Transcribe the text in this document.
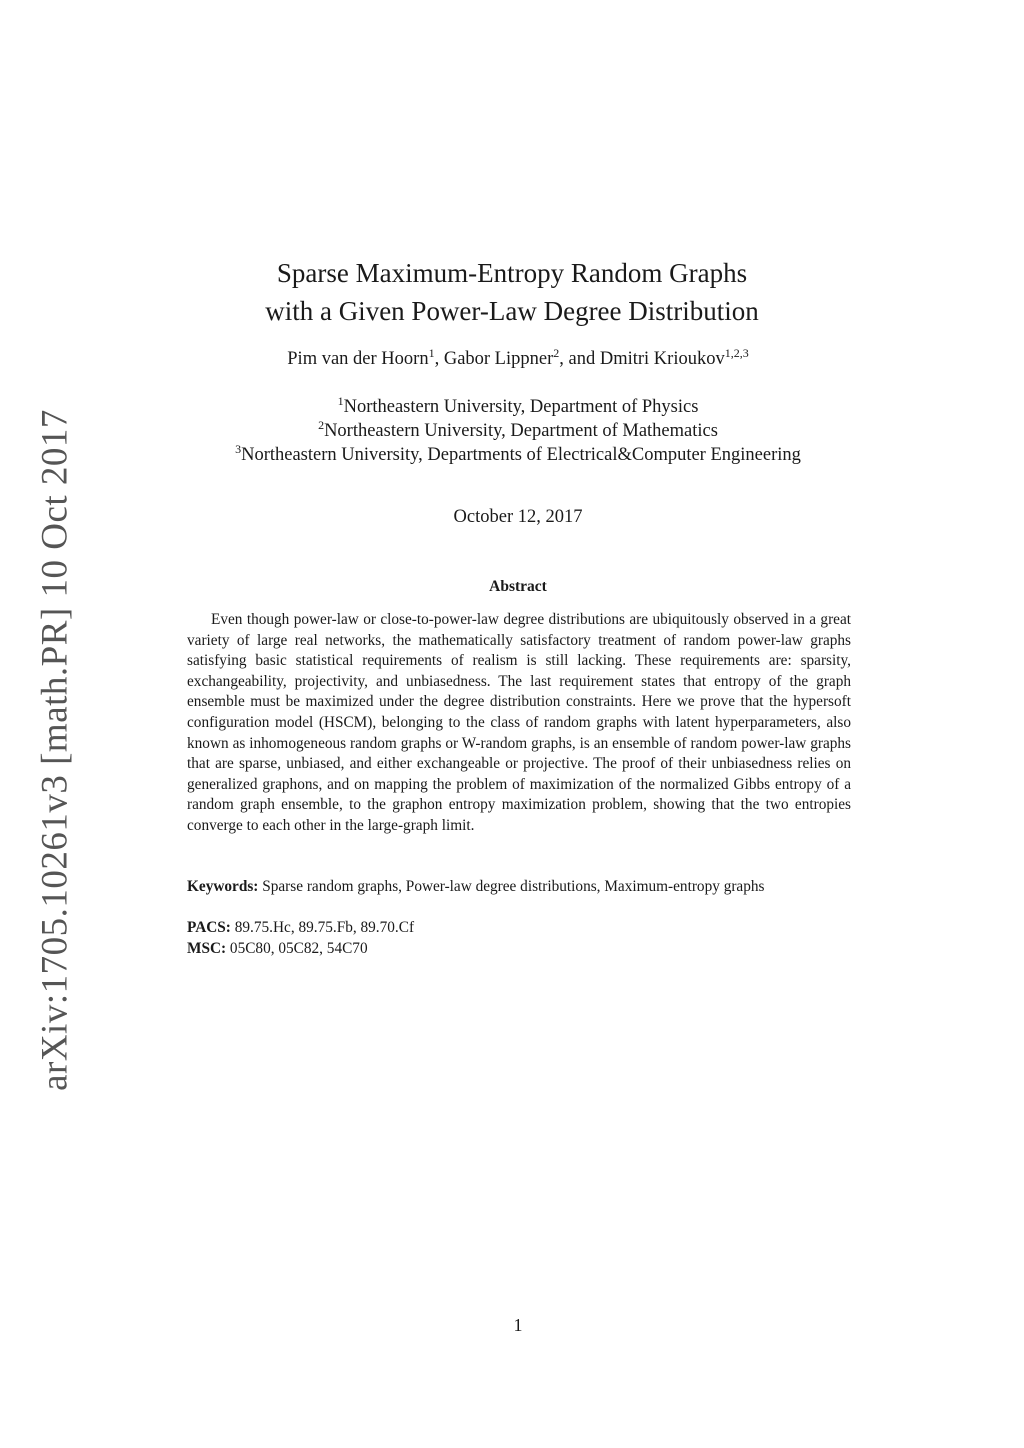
arXiv:1705.10261v3 [math.PR] 10 Oct 2017
Sparse Maximum-Entropy Random Graphs
with a Given Power-Law Degree Distribution
Pim van der Hoorn$^1$, Gabor Lippner$^2$, and Dmitri Krioukov$^{1,2,3}$
$^1$Northeastern University, Department of Physics
$^2$Northeastern University, Department of Mathematics
$^3$Northeastern University, Departments of Electrical&Computer Engineering
October 12, 2017
Abstract
Even though power-law or close-to-power-law degree distributions are ubiquitously observed in a great variety of large real networks, the mathematically satisfactory treatment of random power-law graphs satisfying basic statistical requirements of realism is still lacking. These requirements are: sparsity, exchangeability, projectivity, and unbiasedness. The last requirement states that entropy of the graph ensemble must be maximized under the degree distribution constraints. Here we prove that the hypersoft configuration model (HSCM), belonging to the class of random graphs with latent hyperparameters, also known as inhomogeneous random graphs or W-random graphs, is an ensemble of random power-law graphs that are sparse, unbiased, and either exchangeable or projective. The proof of their unbiasedness relies on generalized graphons, and on mapping the problem of maximization of the normalized Gibbs entropy of a random graph ensemble, to the graphon entropy maximization problem, showing that the two entropies converge to each other in the large-graph limit.
Keywords: Sparse random graphs, Power-law degree distributions, Maximum-entropy graphs
PACS: 89.75.Hc, 89.75.Fb, 89.70.Cf
MSC: 05C80, 05C82, 54C70
1
